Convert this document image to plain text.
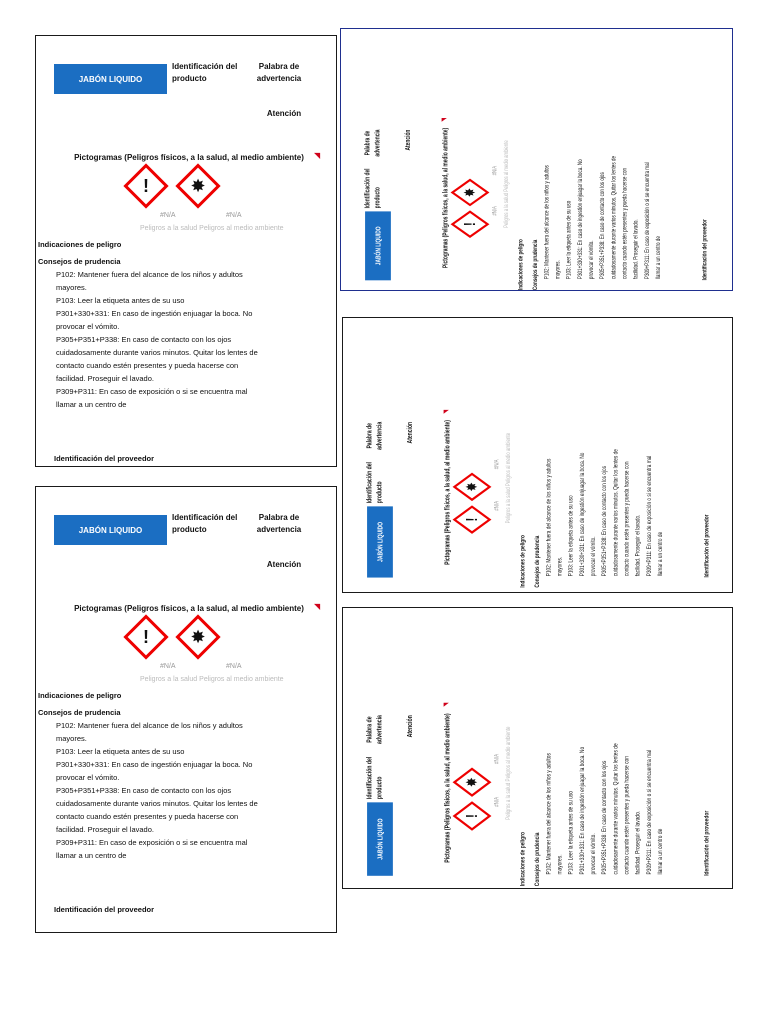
JABÓN LIQUIDO
Identificación del producto
Palabra de advertencia
Atención
Pictogramas (Peligros físicos, a la salud, al medio ambiente) ◥
!	✸
#N/A	#N/A
Peligros a la salud Peligros al medio ambiente
Indicaciones de peligro
Consejos de prudencia
P102: Mantener fuera del alcance de los niños y adultos mayores.
P103: Leer la etiqueta antes de su uso
P301+330+331: En caso de ingestión enjuagar la boca. No provocar el vómito.
P305+P351+P338: En caso de contacto con los ojos cuidadosamente durante varios minutos. Quitar los lentes de contacto cuando estén presentes y pueda hacerse con facilidad. Proseguir el lavado.
P309+P311: En caso de exposición o si se encuentra mal llamar a un centro de
Identificación del proveedor
JABÓN LIQUIDO
Identificación del producto
Palabra de advertencia
Atención
Pictogramas (Peligros físicos, a la salud, al medio ambiente) ◥
!	✸
#N/A	#N/A
Peligros a la salud Peligros al medio ambiente
Indicaciones de peligro
Consejos de prudencia
P102: Mantener fuera del alcance de los niños y adultos mayores.
P103: Leer la etiqueta antes de su uso
P301+330+331: En caso de ingestión enjuagar la boca. No provocar el vómito.
P305+P351+P338: En caso de contacto con los ojos cuidadosamente durante varios minutos. Quitar los lentes de contacto cuando estén presentes y pueda hacerse con facilidad. Proseguir el lavado.
P309+P311: En caso de exposición o si se encuentra mal llamar a un centro de
Identificación del proveedor
JABÓN LIQUIDO
Identificación del producto
Palabra de advertencia	Atención	Pictogramas (Peligros físicos, a la salud, al medio ambiente)
◥
!
✸
#N/A
#N/A Peligros a la salud Peligros al medio ambiente
Indicaciones de peligro Consejos de prudencia P102: Mantener fuera del alcance de los niños y adultos mayores. P103: Leer la etiqueta antes de su uso P301+330+331: En caso de ingestión enjuagar la boca. No provocar el vómito. P305+P351+P338: En caso de contacto con los ojos cuidadosamente durante varios minutos. Quitar los lentes de contacto cuando estén presentes y pueda hacerse con facilidad. Proseguir el lavado. P309+P311: En caso de exposición o si se encuentra mal llamar a un centro de	Identificación del proveedor
JABÓN LIQUIDO
Identificación del producto
Palabra de advertencia	Atención	Pictogramas (Peligros físicos, a la salud, al medio ambiente)
◥
!
✸
#N/A
#N/A Peligros a la salud Peligros al medio ambiente
Indicaciones de peligro Consejos de prudencia P102: Mantener fuera del alcance de los niños y adultos mayores. P103: Leer la etiqueta antes de su uso P301+330+331: En caso de ingestión enjuagar la boca. No provocar el vómito. P305+P351+P338: En caso de contacto con los ojos cuidadosamente durante varios minutos. Quitar los lentes de contacto cuando estén presentes y pueda hacerse con facilidad. Proseguir el lavado. P309+P311: En caso de exposición o si se encuentra mal llamar a un centro de	Identificación del proveedor
JABÓN LIQUIDO
Identificación del producto
Palabra de advertencia	Atención	Pictogramas (Peligros físicos, a la salud, al medio ambiente)
◥
!
✸
#N/A
#N/A Peligros a la salud Peligros al medio ambiente
Indicaciones de peligro Consejos de prudencia P102: Mantener fuera del alcance de los niños y adultos mayores. P103: Leer la etiqueta antes de su uso P301+330+331: En caso de ingestión enjuagar la boca. No provocar el vómito. P305+P351+P338: En caso de contacto con los ojos cuidadosamente durante varios minutos. Quitar los lentes de contacto cuando estén presentes y pueda hacerse con facilidad. Proseguir el lavado. P309+P311: En caso de exposición o si se encuentra mal llamar a un centro de	Identificación del proveedor
